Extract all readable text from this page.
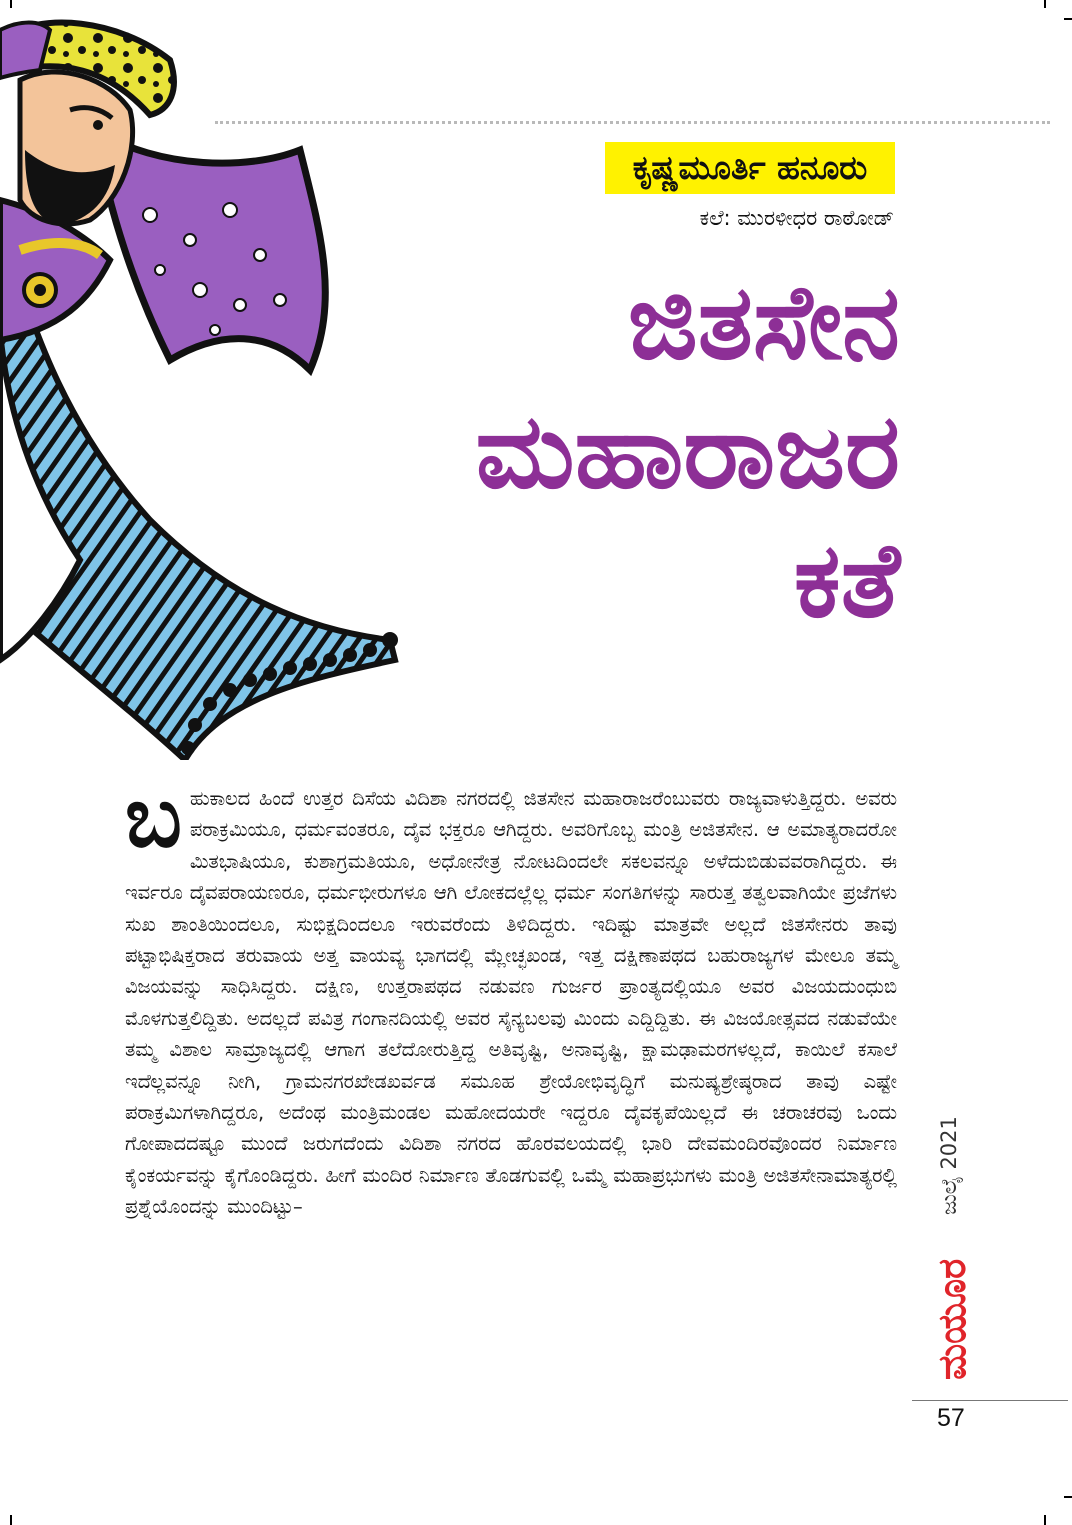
ಕೃಷ್ಣಮೂರ್ತಿ ಹನೂರು
ಕಲೆ: ಮುರಳೀಧರ ರಾಠೋಡ್
ಜಿತಸೇನ
ಮಹಾರಾಜರ
ಕತೆ
ಬ ಹುಕಾಲದ ಹಿಂದೆ ಉತ್ತರ ದಿಸೆಯ ವಿದಿಶಾ ನಗರದಲ್ಲಿ ಜಿತಸೇನ ಮಹಾರಾಜರೆಂಬುವರು ರಾಜ್ಯವಾಳುತ್ತಿದ್ದರು. ಅವರು ಪರಾಕ್ರಮಿಯೂ, ಧರ್ಮವಂತರೂ, ದೈವ ಭಕ್ತರೂ ಆಗಿದ್ದರು. ಅವರಿಗೊಬ್ಬ ಮಂತ್ರಿ ಅಜಿತಸೇನ. ಆ ಅಮಾತ್ಯರಾದರೋ ಮಿತಭಾಷಿಯೂ, ಕುಶಾಗ್ರಮತಿಯೂ, ಅಧೋನೇತ್ರ ನೋಟದಿಂದಲೇ ಸಕಲವನ್ನೂ ಅಳೆದುಬಿಡುವವರಾಗಿದ್ದರು. ಈ ಇರ್ವರೂ ದೈವಪರಾಯಣರೂ, ಧರ್ಮಭೀರುಗಳೂ ಆಗಿ ಲೋಕದಲ್ಲೆಲ್ಲ ಧರ್ಮ ಸಂಗತಿಗಳನ್ನು ಸಾರುತ್ತ ತತ್ವಲವಾಗಿಯೇ ಪ್ರಜೆಗಳು ಸುಖ ಶಾಂತಿಯಿಂದಲೂ, ಸುಭಿಕ್ಷದಿಂದಲೂ ಇರುವರೆಂದು ತಿಳಿದಿದ್ದರು. ಇದಿಷ್ಟು ಮಾತ್ರವೇ ಅಲ್ಲದೆ ಜಿತಸೇನರು ತಾವು ಪಟ್ಟಾಭಿಷಿಕ್ತರಾದ ತರುವಾಯ ಅತ್ತ ವಾಯವ್ಯ ಭಾಗದಲ್ಲಿ ಮ್ಲೇಚ್ಛಖಂಡ, ಇತ್ತ ದಕ್ಷಿಣಾಪಥದ ಬಹುರಾಜ್ಯಗಳ ಮೇಲೂ ತಮ್ಮ ವಿಜಯವನ್ನು ಸಾಧಿಸಿದ್ದರು. ದಕ್ಷಿಣ, ಉತ್ತರಾಪಥದ ನಡುವಣ ಗುರ್ಜರ ಪ್ರಾಂತ್ಯದಲ್ಲಿಯೂ ಅವರ ವಿಜಯದುಂಧುಬಿ ಮೊಳಗುತ್ತಲಿದ್ದಿತು. ಅದಲ್ಲದೆ ಪವಿತ್ರ ಗಂಗಾನದಿಯಲ್ಲಿ ಅವರ ಸೈನ್ಯಬಲವು ಮಿಂದು ಎದ್ದಿದ್ದಿತು. ಈ ವಿಜಯೋತ್ಸವದ ನಡುವೆಯೇ ತಮ್ಮ ವಿಶಾಲ ಸಾಮ್ರಾಜ್ಯದಲ್ಲಿ ಆಗಾಗ ತಲೆದೋರುತ್ತಿದ್ದ ಅತಿವೃಷ್ಟಿ, ಅನಾವೃಷ್ಟಿ, ಕ್ಷಾಮಢಾಮರಗಳಲ್ಲದೆ, ಕಾಯಿಲೆ ಕಸಾಲೆ ಇದೆಲ್ಲವನ್ನೂ ನೀಗಿ, ಗ್ರಾಮನಗರಖೇಡಖರ್ವಡ ಸಮೂಹ ಶ್ರೇಯೋಭಿವೃದ್ಧಿಗೆ ಮನುಷ್ಯಶ್ರೇಷ್ಠರಾದ ತಾವು ಎಷ್ಟೇ ಪರಾಕ್ರಮಿಗಳಾಗಿದ್ದರೂ, ಅದೆಂಥ ಮಂತ್ರಿಮಂಡಲ ಮಹೋದಯರೇ ಇದ್ದರೂ ದೈವಕೃಪೆಯಿಲ್ಲದೆ ಈ ಚರಾಚರವು ಒಂದು ಗೋಪಾದದಷ್ಟೂ ಮುಂದೆ ಜರುಗದೆಂದು ವಿದಿಶಾ ನಗರದ ಹೊರವಲಯದಲ್ಲಿ ಭಾರಿ ದೇವಮಂದಿರವೊಂದರ ನಿರ್ಮಾಣ ಕೈಂಕರ್ಯವನ್ನು ಕೈಗೊಂಡಿದ್ದರು. ಹೀಗೆ ಮಂದಿರ ನಿರ್ಮಾಣ ತೊಡಗುವಲ್ಲಿ ಒಮ್ಮೆ ಮಹಾಪ್ರಭುಗಳು ಮಂತ್ರಿ ಅಜಿತಸೇನಾಮಾತ್ಯರಲ್ಲಿ ಪ್ರಶ್ನೆಯೊಂದನ್ನು ಮುಂದಿಟ್ಟು–	ಜುಲೈ 2021
ಮಯೂರ
57
